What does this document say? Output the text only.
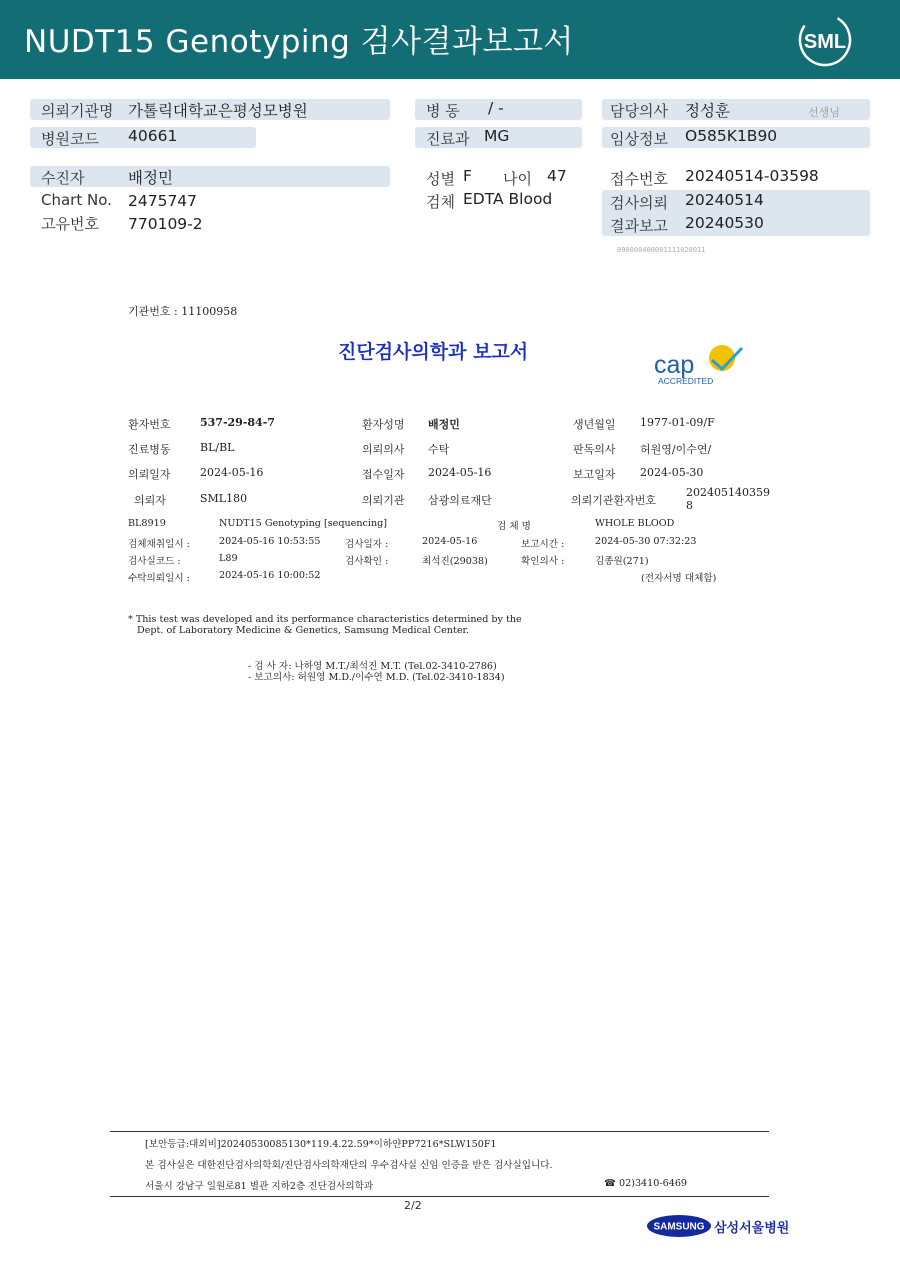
NUDT15 Genotyping 검사결과보고서	SML
의뢰기관명 가톨릭대학교은평성모병원
병원코드 40661
병 동 / -
진료과 MG
담당의사 정성훈	선생님
임상정보 O585K1B90
수진자	배정민	성별 F 나이 47	접수번호 20240514-03598
Chart No. 2475747	검체 EDTA Blood	검사의뢰 20240514
고유번호 770109-2	결과보고 20240530
090000400001111020011
기관번호 : 11100958
진단검사의학과 보고서	cap
ACCREDITED
환자번호	537-29-84-7	환자성명 배정민	생년월일 1977-01-09/F
진료병동	BL/BL	의뢰의사 수탁	판독의사 허원영/이수연/
의뢰일자	2024-05-16	접수일자 2024-05-16	보고일자 2024-05-30
의뢰자	SML180	의뢰기관 삼광의료재단	의뢰기관환자번호
202405140359
8
BL8919	NUDT15 Genotyping [sequencing]	검 체 명	WHOLE BLOOD
검체채취일시 :	2024-05-16 10:53:55	검사일자 :	2024-05-16	보고시간 :	2024-05-30 07:32:23
검사실코드 :	L89	검사확인 :	최석진(29038)	확인의사 :	김종원(271)
수탁의뢰일시 :	2024-05-16 10:00:52	(전자서명 대체함)
* This test was developed and its performance characteristics determined by the
Dept. of Laboratory Medicine & Genetics, Samsung Medical Center.
- 검 사 자: 나하영 M.T./최석진 M.T. (Tel.02-3410-2786)
- 보고의사: 허원영 M.D./이수연 M.D. (Tel.02-3410-1834)
[보안등급:대외비]20240530085130*119.4.22.59*이하얀PP7216*SLW150F1
본 검사실은 대한진단검사의학회/진단검사의학재단의 우수검사실 신임 인증을 받은 검사실입니다.
서울시 강남구 일원로81 별관 지하2층 진단검사의학과	☎ 02)3410-6469
2/2
SAMSUNG 삼성서울병원
